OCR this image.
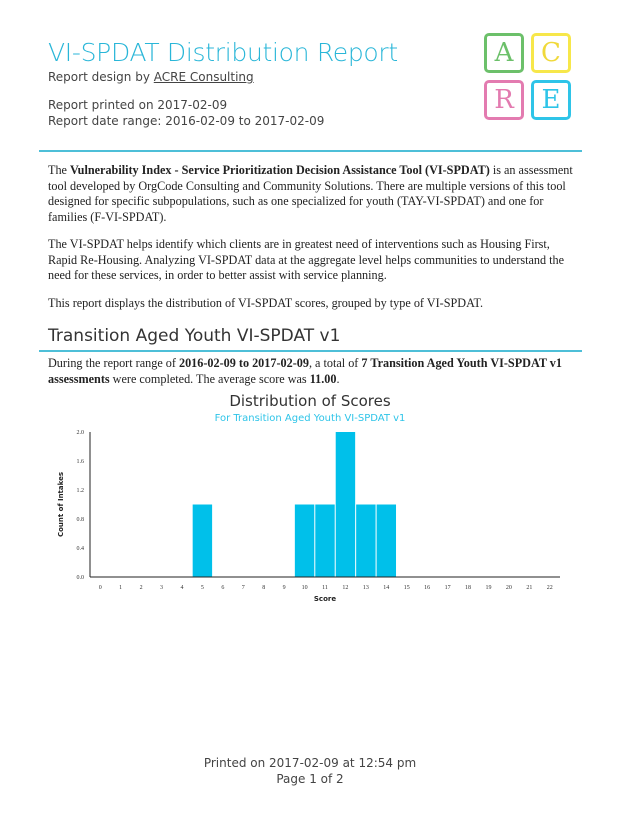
VI-SPDAT Distribution Report
Report design by ACRE Consulting
Report printed on 2017-02-09
Report date range: 2016-02-09 to 2017-02-09
A	C
R	E
The Vulnerability Index - Service Prioritization Decision Assistance Tool (VI-SPDAT) is an assessment tool developed by OrgCode Consulting and Community Solutions. There are multiple versions of this tool designed for specific subpopulations, such as one specialized for youth (TAY-VI-SPDAT) and one for families (F-VI-SPDAT).
The VI-SPDAT helps identify which clients are in greatest need of interventions such as Housing First, Rapid Re-Housing. Analyzing VI-SPDAT data at the aggregate level helps communities to understand the need for these services, in order to better assist with service planning.
This report displays the distribution of VI-SPDAT scores, grouped by type of VI-SPDAT.
Transition Aged Youth VI-SPDAT v1
During the report range of 2016-02-09 to 2017-02-09, a total of 7 Transition Aged Youth VI-SPDAT v1 assessments were completed. The average score was 11.00.
Distribution of Scores
For Transition Aged Youth VI-SPDAT v1
0.0
0.4
0.8
1.2
1.6
2.0
0	1	2	3	4	5	6	7	8	9	10 11 12 13 14 15 16 17 18 19 20 21 22
Count of Intakes
Score
Printed on 2017-02-09 at 12:54 pm
Page 1 of 2
